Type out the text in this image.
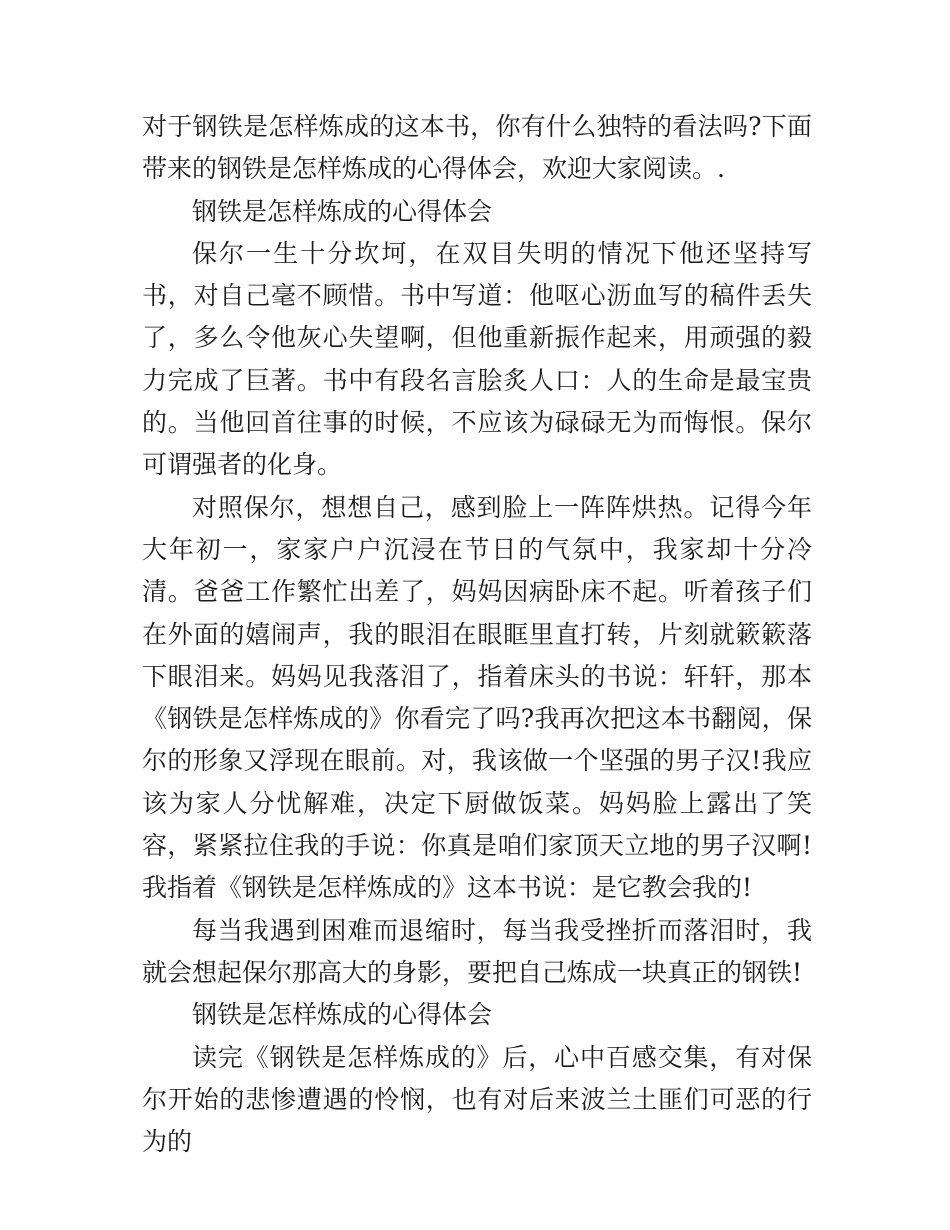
对于钢铁是怎样炼成的这本书，你有什么独特的看法吗?下面带来的钢铁是怎样炼成的心得体会，欢迎大家阅读。.

钢铁是怎样炼成的心得体会

保尔一生十分坎坷，在双目失明的情况下他还坚持写书，对自己毫不顾惜。书中写道：他呕心沥血写的稿件丢失了，多么令他灰心失望啊，但他重新振作起来，用顽强的毅力完成了巨著。书中有段名言脍炙人口：人的生命是最宝贵的。当他回首往事的时候，不应该为碌碌无为而悔恨。保尔可谓强者的化身。

对照保尔，想想自己，感到脸上一阵阵烘热。记得今年大年初一，家家户户沉浸在节日的气氛中，我家却十分冷清。爸爸工作繁忙出差了，妈妈因病卧床不起。听着孩子们在外面的嬉闹声，我的眼泪在眼眶里直打转，片刻就簌簌落下眼泪来。妈妈见我落泪了，指着床头的书说：轩轩，那本《钢铁是怎样炼成的》你看完了吗?我再次把这本书翻阅，保尔的形象又浮现在眼前。对，我该做一个坚强的男子汉!我应该为家人分忧解难，决定下厨做饭菜。妈妈脸上露出了笑容，紧紧拉住我的手说：你真是咱们家顶天立地的男子汉啊!我指着《钢铁是怎样炼成的》这本书说：是它教会我的!

每当我遇到困难而退缩时，每当我受挫折而落泪时，我就会想起保尔那高大的身影，要把自己炼成一块真正的钢铁!

钢铁是怎样炼成的心得体会

读完《钢铁是怎样炼成的》后，心中百感交集，有对保尔开始的悲惨遭遇的怜悯，也有对后来波兰土匪们可恶的行为的
